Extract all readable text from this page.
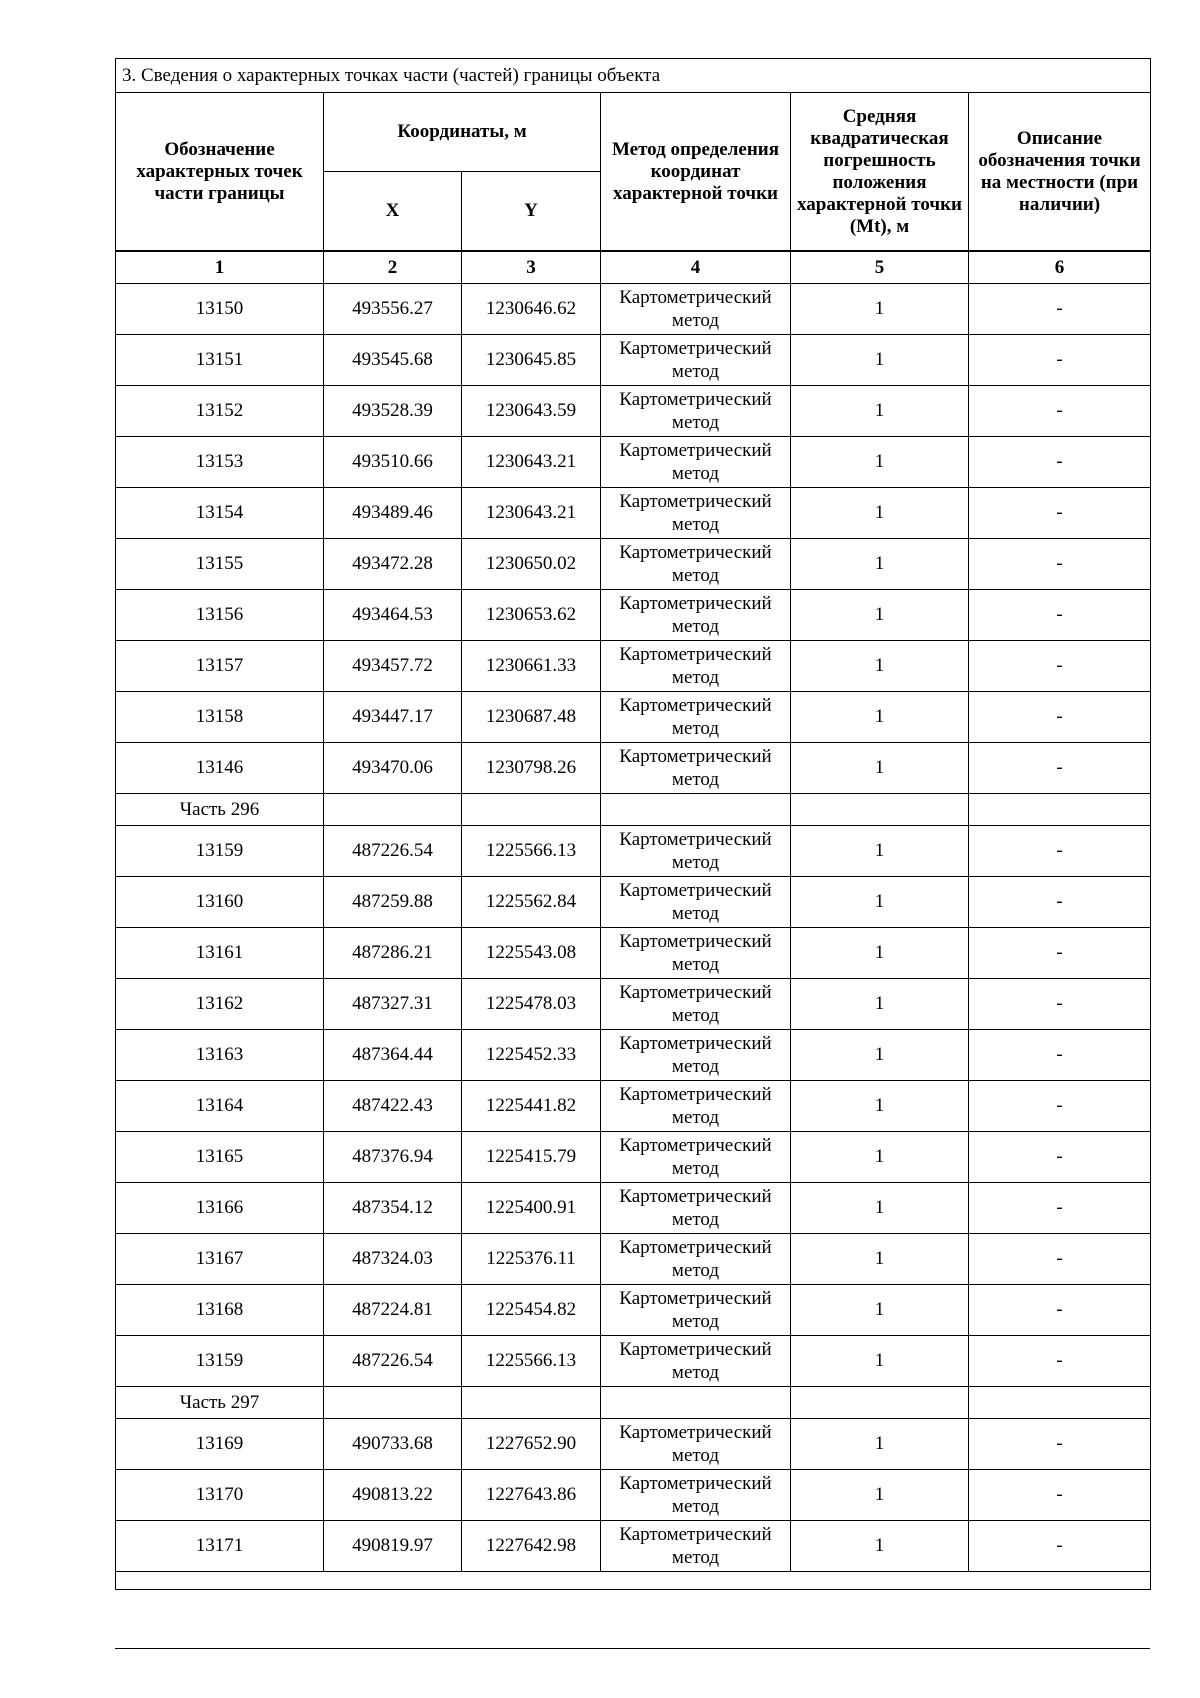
3. Сведения о характерных точках части (частей) границы объекта					
Обозначение характерных точек части границы	Координаты, м		Метод определения координат характерной точки	Средняя квадратическая погрешность положения характерной точки (Mt), м	Описание обозначения точки на местности (при наличии)
	X	Y			
1	2	3	4	5	6
13150	493556.27	1230646.62	Картометрический метод	1	-
13151	493545.68	1230645.85	Картометрический метод	1	-
13152	493528.39	1230643.59	Картометрический метод	1	-
13153	493510.66	1230643.21	Картометрический метод	1	-
13154	493489.46	1230643.21	Картометрический метод	1	-
13155	493472.28	1230650.02	Картометрический метод	1	-
13156	493464.53	1230653.62	Картометрический метод	1	-
13157	493457.72	1230661.33	Картометрический метод	1	-
13158	493447.17	1230687.48	Картометрический метод	1	-
13146	493470.06	1230798.26	Картометрический метод	1	-
Часть 296					
13159	487226.54	1225566.13	Картометрический метод	1	-
13160	487259.88	1225562.84	Картометрический метод	1	-
13161	487286.21	1225543.08	Картометрический метод	1	-
13162	487327.31	1225478.03	Картометрический метод	1	-
13163	487364.44	1225452.33	Картометрический метод	1	-
13164	487422.43	1225441.82	Картометрический метод	1	-
13165	487376.94	1225415.79	Картометрический метод	1	-
13166	487354.12	1225400.91	Картометрический метод	1	-
13167	487324.03	1225376.11	Картометрический метод	1	-
13168	487224.81	1225454.82	Картометрический метод	1	-
13159	487226.54	1225566.13	Картометрический метод	1	-
Часть 297					
13169	490733.68	1227652.90	Картометрический метод	1	-
13170	490813.22	1227643.86	Картометрический метод	1	-
13171	490819.97	1227642.98	Картометрический метод	1	-
